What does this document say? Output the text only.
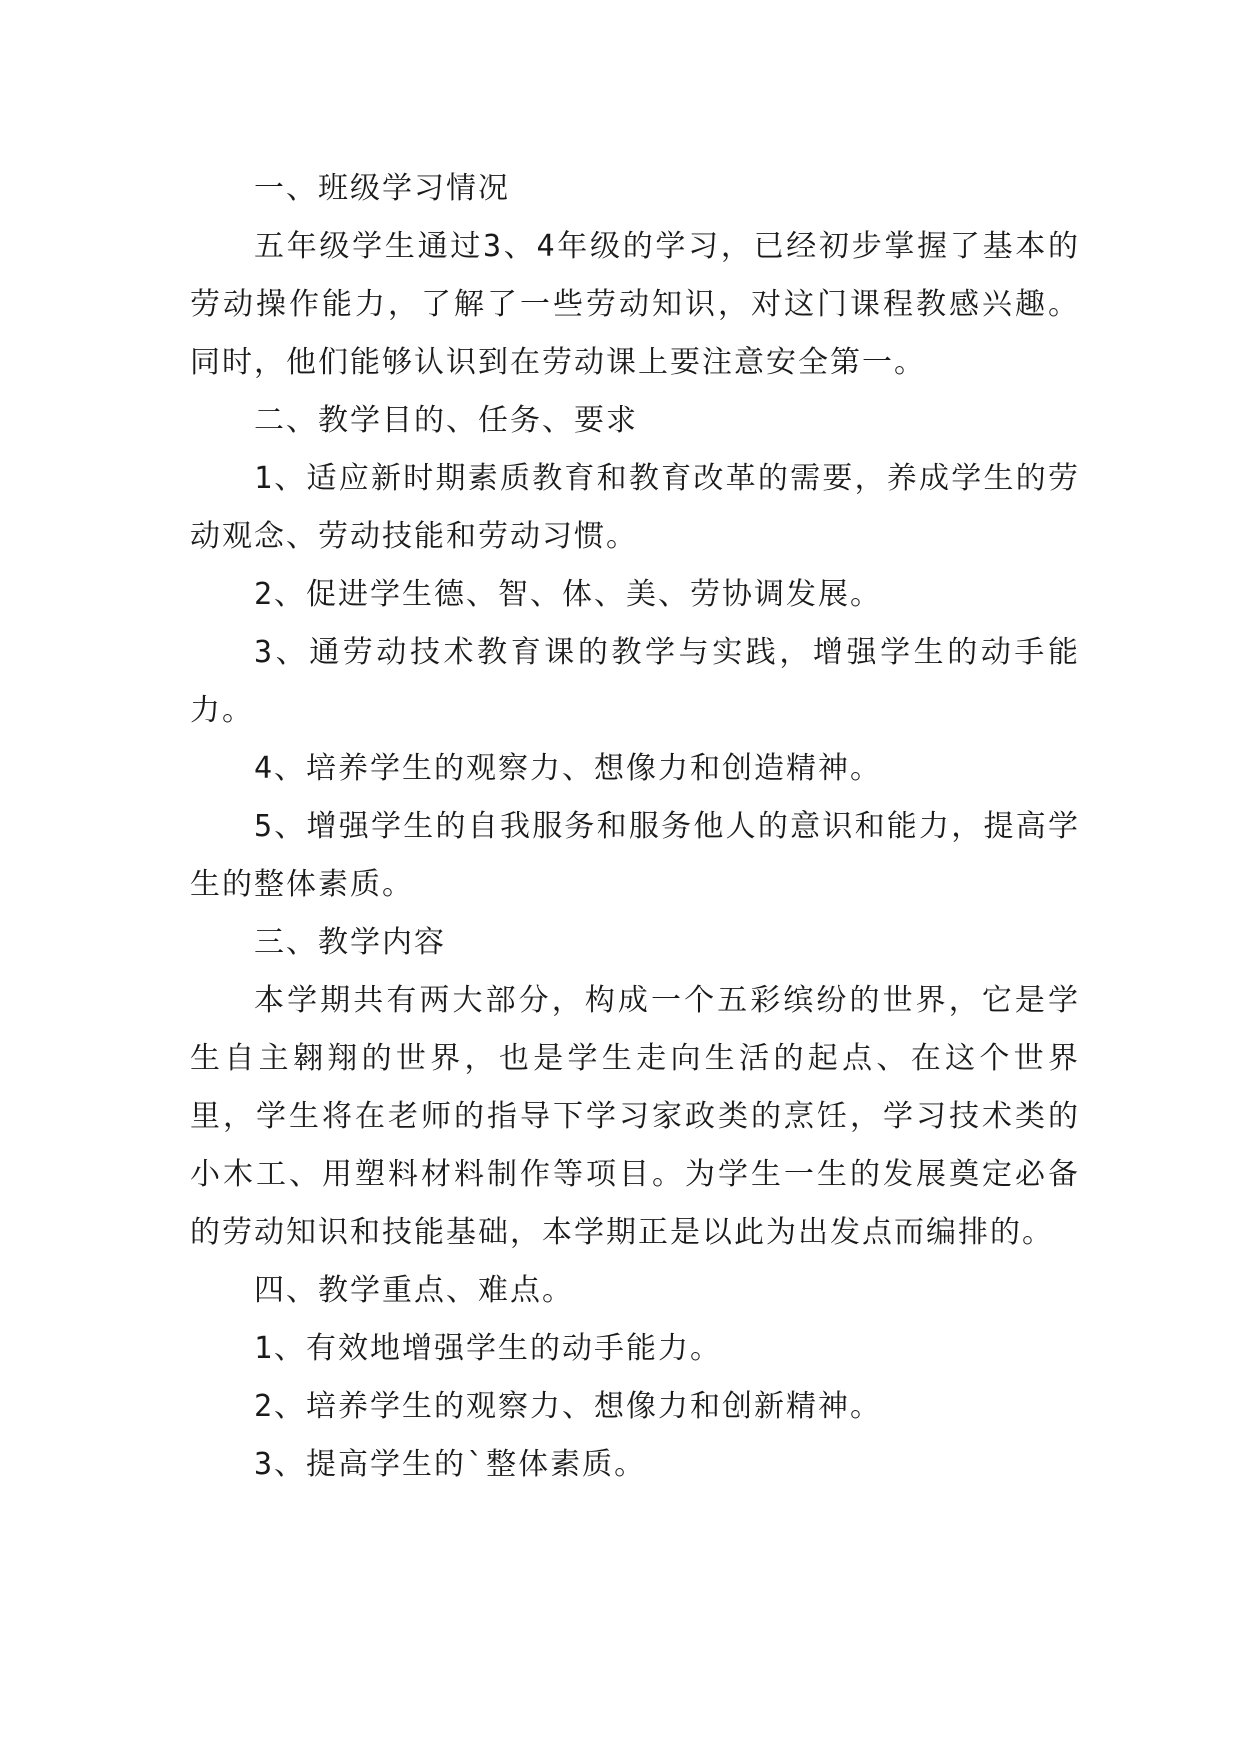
一、班级学习情况

五年级学生通过3、4年级的学习，已经初步掌握了基本的劳动操作能力，了解了一些劳动知识，对这门课程教感兴趣。同时，他们能够认识到在劳动课上要注意安全第一。

二、教学目的、任务、要求

1、适应新时期素质教育和教育改革的需要，养成学生的劳动观念、劳动技能和劳动习惯。

2、促进学生德、智、体、美、劳协调发展。

3、通劳动技术教育课的教学与实践，增强学生的动手能力。

4、培养学生的观察力、想像力和创造精神。

5、增强学生的自我服务和服务他人的意识和能力，提高学生的整体素质。

三、教学内容

本学期共有两大部分，构成一个五彩缤纷的世界，它是学生自主翱翔的世界，也是学生走向生活的起点、在这个世界里，学生将在老师的指导下学习家政类的烹饪，学习技术类的小木工、用塑料材料制作等项目。为学生一生的发展奠定必备的劳动知识和技能基础，本学期正是以此为出发点而编排的。

四、教学重点、难点。

1、有效地增强学生的动手能力。

2、培养学生的观察力、想像力和创新精神。

3、提高学生的`整体素质。
